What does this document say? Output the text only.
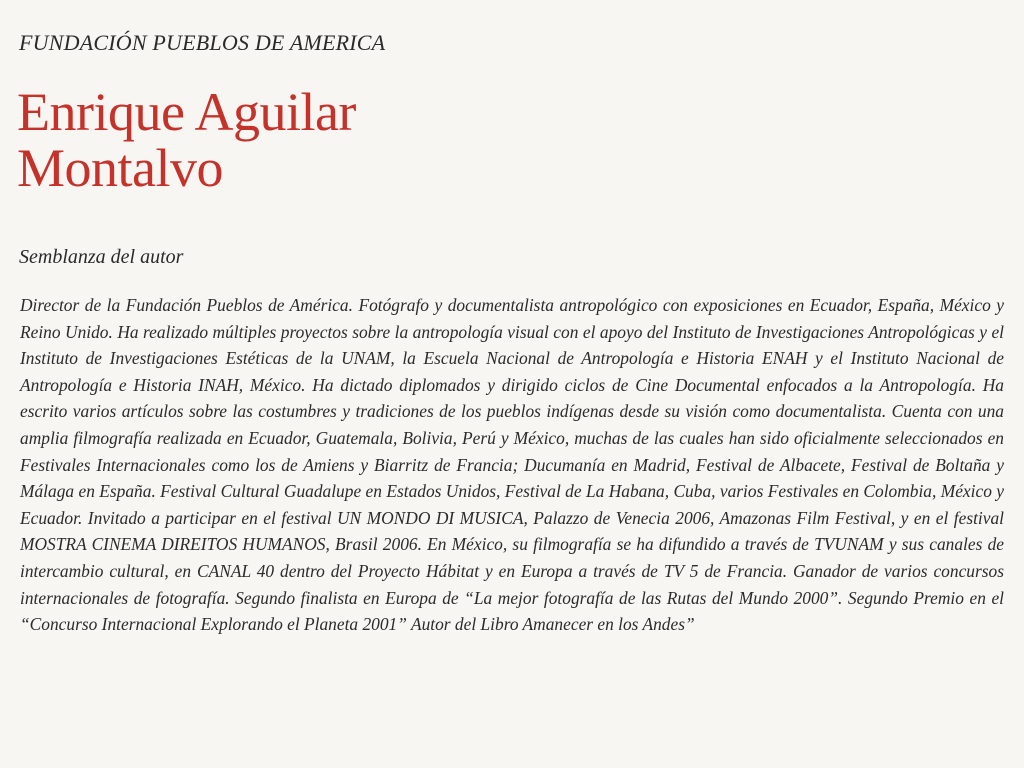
FUNDACIÓN PUEBLOS DE AMERICA
Enrique Aguilar
Montalvo
Semblanza del autor

Director de la Fundación Pueblos de América. Fotógrafo y documentalista antropológico con exposiciones en Ecuador, España, México y Reino Unido. Ha realizado múltiples proyectos sobre la antropología visual con el apoyo del Instituto de Investigaciones Antropológicas y el Instituto de Investigaciones Estéticas de la UNAM, la Escuela Nacional de Antropología e Historia ENAH y el Instituto Nacional de Antropología e Historia INAH, México. Ha dictado diplomados y dirigido ciclos de Cine Documental enfocados a la Antropología. Ha escrito varios artículos sobre las costumbres y tradiciones de los pueblos indígenas desde su visión como documentalista. Cuenta con una amplia filmografía realizada en Ecuador, Guatemala, Bolivia, Perú y México, muchas de las cuales han sido oficialmente seleccionados en Festivales Internacionales como los de Amiens y Biarritz de Francia; Ducumanía en Madrid, Festival de Albacete, Festival de Boltaña y Málaga en España. Festival Cultural Guadalupe en Estados Unidos, Festival de La Habana, Cuba, varios Festivales en Colombia, México y Ecuador. Invitado a participar en el festival UN MONDO DI MUSICA, Palazzo de Venecia 2006, Amazonas Film Festival, y en el festival MOSTRA CINEMA DIREITOS HUMANOS, Brasil 2006. En México, su filmografía se ha difundido a través de TVUNAM y sus canales de intercambio cultural, en CANAL 40 dentro del Proyecto Hábitat y en Europa a través de TV 5 de Francia. Ganador de varios concursos internacionales de fotografía. Segundo finalista en Europa de “La mejor fotografía de las Rutas del Mundo 2000”. Segundo Premio en el “Concurso Internacional Explorando el Planeta 2001” Autor del Libro Amanecer en los Andes”
